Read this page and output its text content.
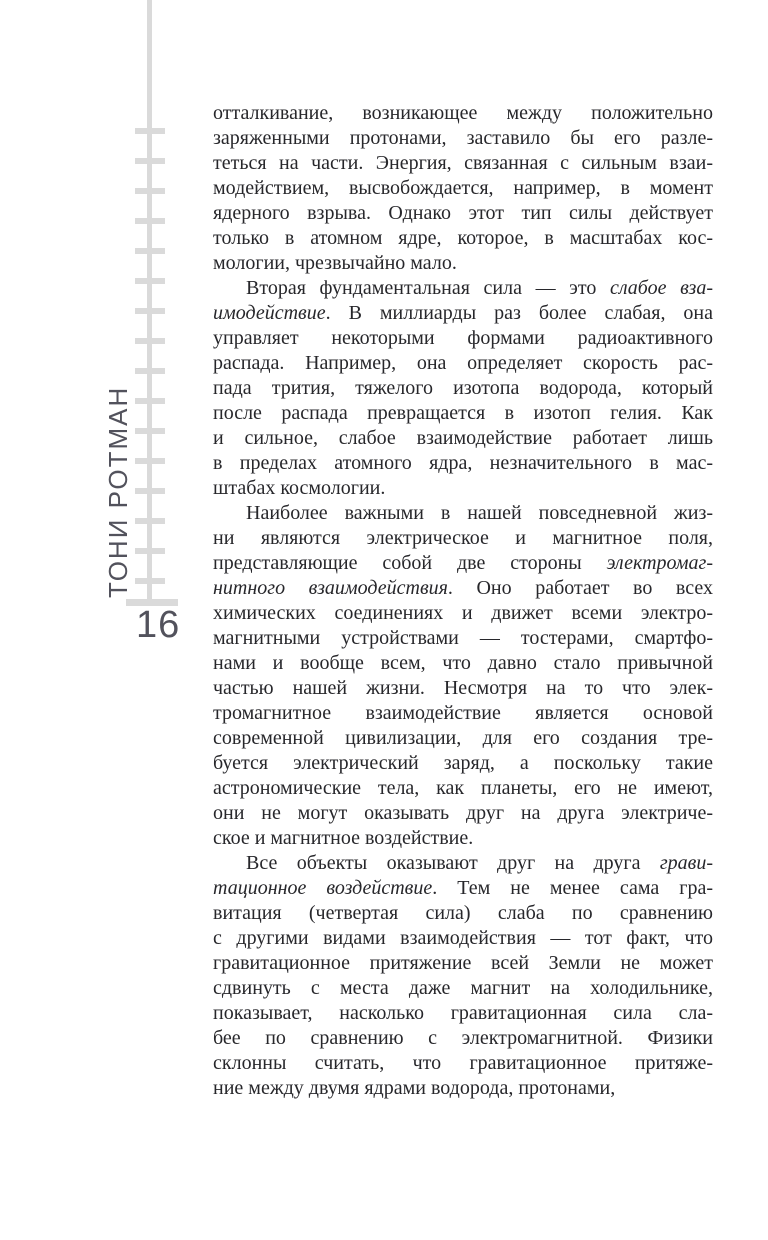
ТОНИ РОТМАН
16
отталкивание, возникающее между положительно
заряженными протонами, заставило бы его разле-
теться на части. Энергия, связанная с сильным взаи-
модействием, высвобождается, например, в момент
ядерного взрыва. Однако этот тип силы действует
только в атомном ядре, которое, в масштабах кос-
мологии, чрезвычайно мало.
Вторая фундаментальная сила — это слабое вза-
имодействие. В миллиарды раз более слабая, она
управляет некоторыми формами радиоактивного
распада. Например, она определяет скорость рас-
пада трития, тяжелого изотопа водорода, который
после распада превращается в изотоп гелия. Как
и сильное, слабое взаимодействие работает лишь
в пределах атомного ядра, незначительного в мас-
штабах космологии.
Наиболее важными в нашей повседневной жиз-
ни являются электрическое и магнитное поля,
представляющие собой две стороны электромаг-
нитного взаимодействия. Оно работает во всех
химических соединениях и движет всеми электро-
магнитными устройствами — тостерами, смартфо-
нами и вообще всем, что давно стало привычной
частью нашей жизни. Несмотря на то что элек-
тромагнитное взаимодействие является основой
современной цивилизации, для его создания тре-
буется электрический заряд, а поскольку такие
астрономические тела, как планеты, его не имеют,
они не могут оказывать друг на друга электриче-
ское и магнитное воздействие.
Все объекты оказывают друг на друга грави-
тационное воздействие. Тем не менее сама гра-
витация (четвертая сила) слаба по сравнению
с другими видами взаимодействия — тот факт, что
гравитационное притяжение всей Земли не может
сдвинуть с места даже магнит на холодильнике,
показывает, насколько гравитационная сила сла-
бее по сравнению с электромагнитной. Физики
склонны считать, что гравитационное притяже-
ние между двумя ядрами водорода, протонами,
